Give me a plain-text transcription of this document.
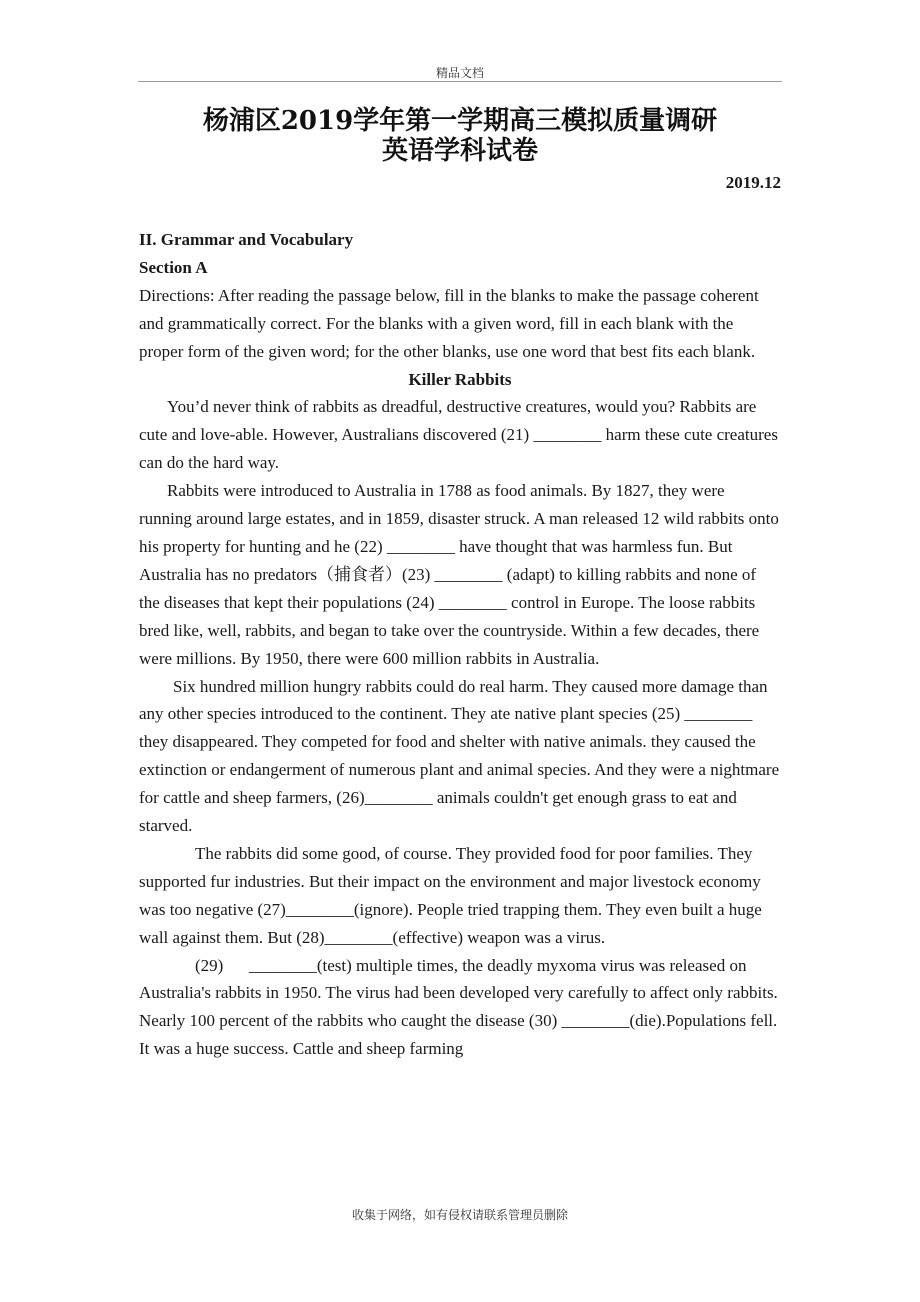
精品文档
杨浦区2019学年第一学期高三模拟质量调研
英语学科试卷
2019.12

II. Grammar and Vocabulary

Section A

Directions: After reading the passage below, fill in the blanks to make the passage coherent and grammatically correct. For the blanks with a given word, fill in each blank with the proper form of the given word; for the other blanks, use one word that best fits each blank.

Killer Rabbits

You’d never think of rabbits as dreadful, destructive creatures, would you? Rabbits are cute and love-able. However, Australians discovered (21) ________ harm these cute creatures can do the hard way.

Rabbits were introduced to Australia in 1788 as food animals. By 1827, they were running around large estates, and in 1859, disaster struck. A man released 12 wild rabbits onto his property for hunting and he (22) ________ have thought that was harmless fun. But Australia has no predators（捕食者）(23) ________ (adapt) to killing rabbits and none of the diseases that kept their populations (24) ________ control in Europe. The loose rabbits bred like, well, rabbits, and began to take over the countryside. Within a few decades, there were millions. By 1950, there were 600 million rabbits in Australia.

Six hundred million hungry rabbits could do real harm. They caused more damage than any other species introduced to the continent. They ate native plant species (25) ________ they disappeared. They competed for food and shelter with native animals. they caused the extinction or endangerment of numerous plant and animal species. And they were a nightmare for cattle and sheep farmers, (26)________ animals couldn't get enough grass to eat and starved.

The rabbits did some good, of course. They provided food for poor families. They supported fur industries. But their impact on the environment and major livestock economy was too negative (27)________(ignore). People tried trapping them. They even built a huge wall against them. But (28)________(effective) weapon was a virus.

(29)      ________(test) multiple times, the deadly myxoma virus was released on Australia's rabbits in 1950. The virus had been developed very carefully to affect only rabbits. Nearly 100 percent of the rabbits who caught the disease (30) ________(die).Populations fell. It was a huge success. Cattle and sheep farming

收集于网络，如有侵权请联系管理员删除
